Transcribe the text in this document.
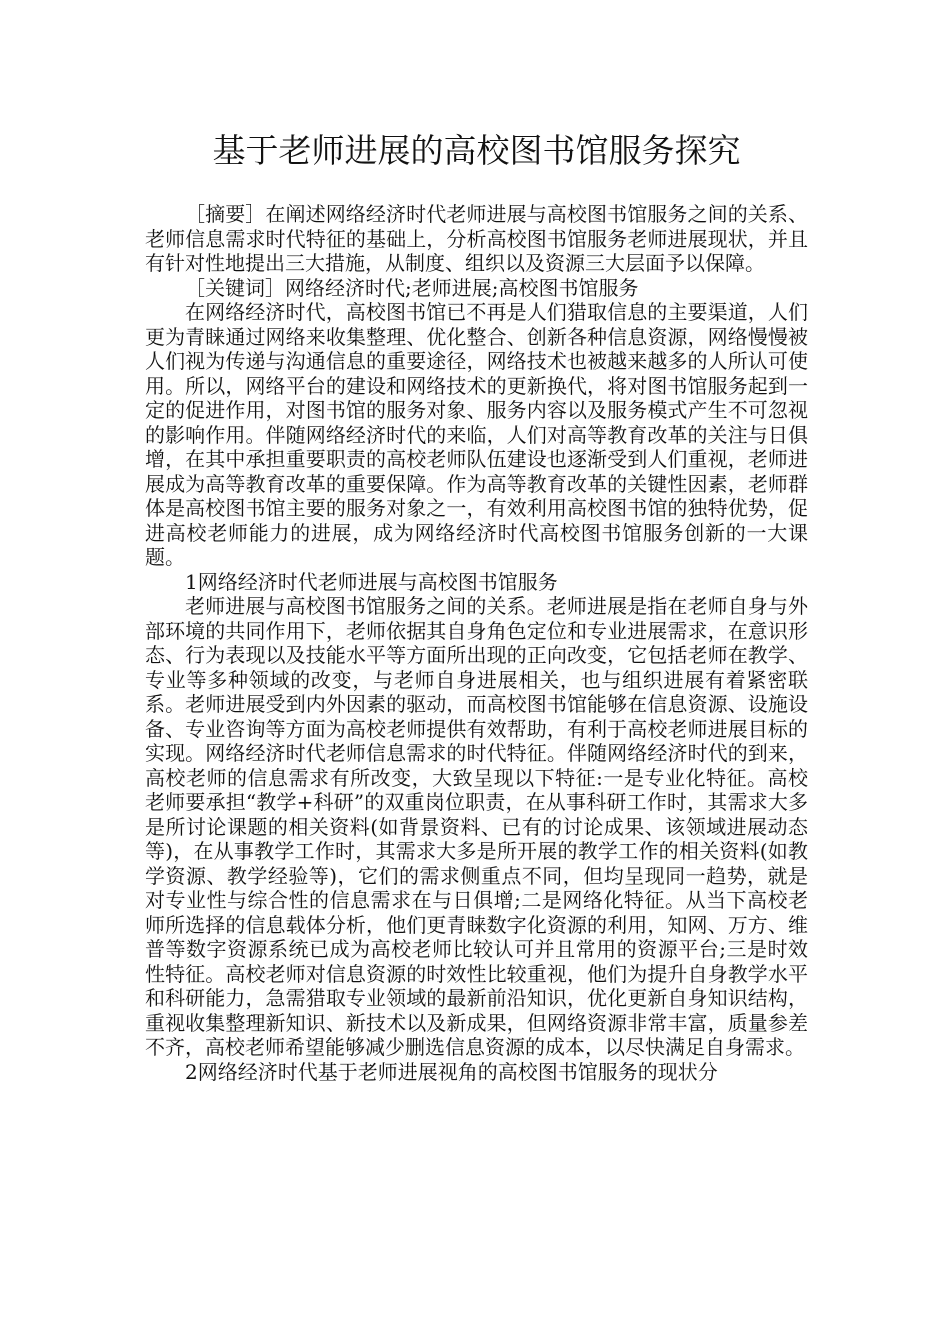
基于老师进展的高校图书馆服务探究

［摘要］在阐述网络经济时代老师进展与高校图书馆服务之间的关系、老师信息需求时代特征的基础上，分析高校图书馆服务老师进展现状，并且有针对性地提出三大措施，从制度、组织以及资源三大层面予以保障。

［关键词］网络经济时代;老师进展;高校图书馆服务

在网络经济时代，高校图书馆已不再是人们猎取信息的主要渠道，人们更为青睐通过网络来收集整理、优化整合、创新各种信息资源，网络慢慢被人们视为传递与沟通信息的重要途径，网络技术也被越来越多的人所认可使用。所以，网络平台的建设和网络技术的更新换代，将对图书馆服务起到一定的促进作用，对图书馆的服务对象、服务内容以及服务模式产生不可忽视的影响作用。伴随网络经济时代的来临，人们对高等教育改革的关注与日俱增，在其中承担重要职责的高校老师队伍建设也逐渐受到人们重视，老师进展成为高等教育改革的重要保障。作为高等教育改革的关键性因素，老师群体是高校图书馆主要的服务对象之一，有效利用高校图书馆的独特优势，促进高校老师能力的进展，成为网络经济时代高校图书馆服务创新的一大课题。

1网络经济时代老师进展与高校图书馆服务

老师进展与高校图书馆服务之间的关系。老师进展是指在老师自身与外部环境的共同作用下，老师依据其自身角色定位和专业进展需求，在意识形态、行为表现以及技能水平等方面所出现的正向改变，它包括老师在教学、专业等多种领域的改变，与老师自身进展相关，也与组织进展有着紧密联系。老师进展受到内外因素的驱动，而高校图书馆能够在信息资源、设施设备、专业咨询等方面为高校老师提供有效帮助，有利于高校老师进展目标的实现。网络经济时代老师信息需求的时代特征。伴随网络经济时代的到来，高校老师的信息需求有所改变，大致呈现以下特征:一是专业化特征。高校老师要承担“教学+科研”的双重岗位职责，在从事科研工作时，其需求大多是所讨论课题的相关资料(如背景资料、已有的讨论成果、该领域进展动态等)，在从事教学工作时，其需求大多是所开展的教学工作的相关资料(如教学资源、教学经验等)，它们的需求侧重点不同，但均呈现同一趋势，就是对专业性与综合性的信息需求在与日俱增;二是网络化特征。从当下高校老师所选择的信息载体分析，他们更青睐数字化资源的利用，知网、万方、维普等数字资源系统已成为高校老师比较认可并且常用的资源平台;三是时效性特征。高校老师对信息资源的时效性比较重视，他们为提升自身教学水平和科研能力，急需猎取专业领域的最新前沿知识，优化更新自身知识结构，重视收集整理新知识、新技术以及新成果，但网络资源非常丰富，质量参差不齐，高校老师希望能够减少删选信息资源的成本，以尽快满足自身需求。

2网络经济时代基于老师进展视角的高校图书馆服务的现状分
